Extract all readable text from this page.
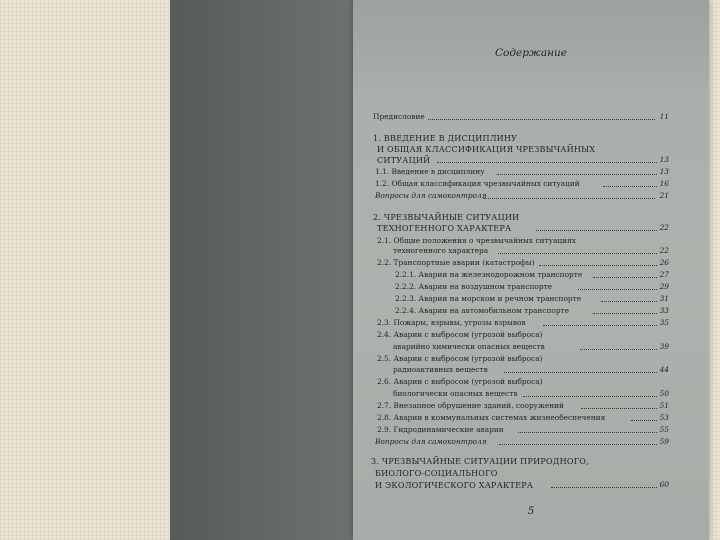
Содержание
Предисловие	11
1. ВВЕДЕНИЕ В ДИСЦИПЛИНУ
И ОБЩАЯ КЛАССИФИКАЦИЯ ЧРЕЗВЫЧАЙНЫХ
СИТУАЦИЙ	13
1.1. Введение в дисциплину	13
1.2. Общая классификация чрезвычайных ситуаций	16
Вопросы для самоконтроля	21
2. ЧРЕЗВЫЧАЙНЫЕ СИТУАЦИИ
ТЕХНОГЕННОГО ХАРАКТЕРА	22
2.1. Общие положения о чрезвычайных ситуациях
техногенного характера	22
2.2. Транспортные аварии (катастрофы)	26
2.2.1. Аварии на железнодорожном транспорте	27
2.2.2. Аварии на воздушном транспорте	29
2.2.3. Аварии на морском и речном транспорте	31
2.2.4. Аварии на автомобильном транспорте	33
2.3. Пожары, взрывы, угрозы взрывов	35
2.4. Аварии с выбросом (угрозой выброса)
аварийно химически опасных веществ	39
2.5. Аварии с выбросом (угрозой выброса)
радиоактивных веществ	44
2.6. Аварии с выбросом (угрозой выброса)
биологически опасных веществ	50
2.7. Внезапное обрушение зданий, сооружений	51
2.8. Аварии в коммунальных системах жизнеобеспечения	53
2.9. Гидродинамические аварии	55
Вопросы для самоконтроля	59
3. ЧРЕЗВЫЧАЙНЫЕ СИТУАЦИИ ПРИРОДНОГО,
БИОЛОГО-СОЦИАЛЬНОГО
И ЭКОЛОГИЧЕСКОГО ХАРАКТЕРА	60
5
